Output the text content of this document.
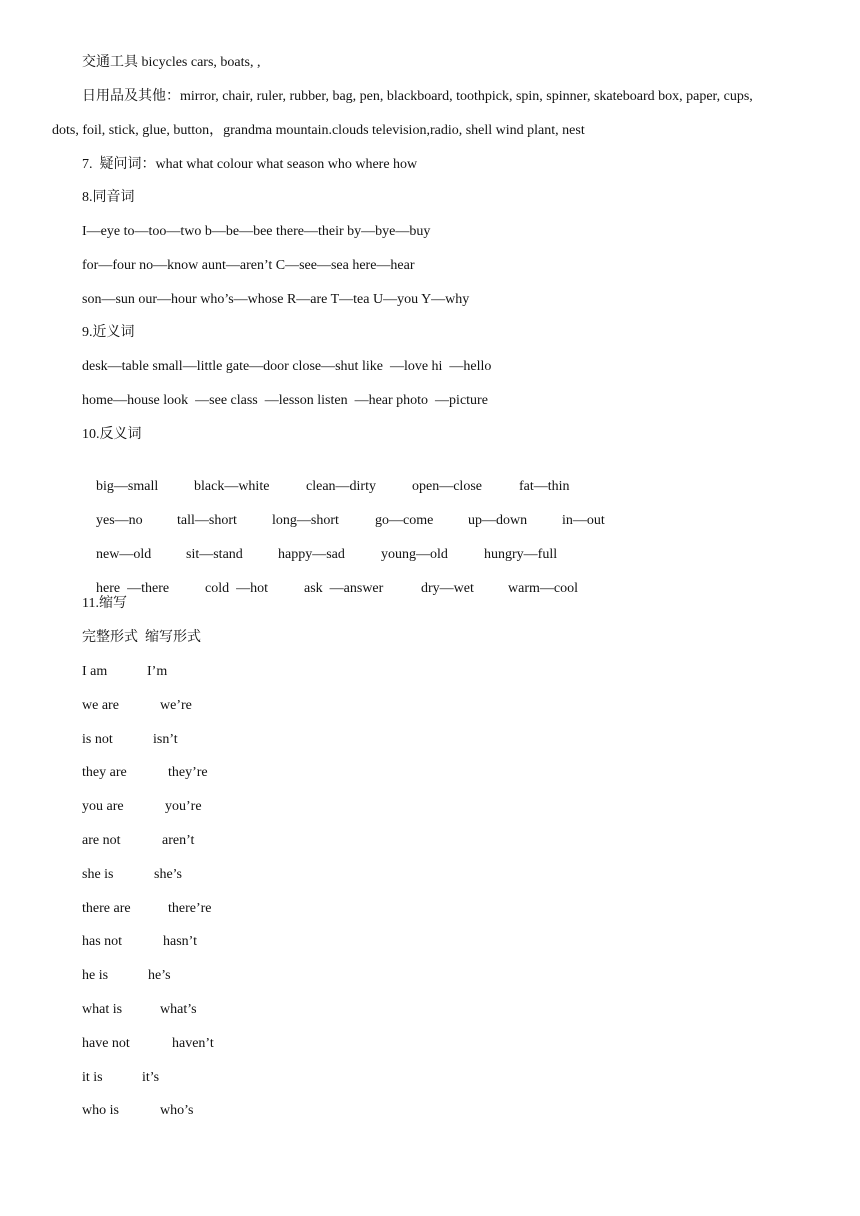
交通工具 bicycles cars, boats, ,
日用品及其他：mirror, chair, ruler, rubber, bag, pen, blackboard, toothpick, spin, spinner, skateboard box, paper, cups,
dots, foil, stick, glue, button，grandma mountain.clouds television,radio, shell wind plant, nest
7.  疑问词：what what colour what season who where how
8.同音词
I—eye to—too—two b—be—bee there—their by—bye—buy
for—four no—know aunt—aren’t C—see—sea here—hear
son—sun our—hour who’s—whose R—are T—tea U—you Y—why
9.近义词
desk—table small—little gate—door close—shut like  —love hi  —hello
home—house look  —see class  —lesson listen  —hear photo  —picture
10.反义词

big—small	black—white	clean—dirty	open—close	fat—thin

yes—no tall—short	long—short	go—come up—down in—out

new—old sit—stand	happy—sad	young—old	hungry—full

here  —there	cold  —hot	ask  —answer	dry—wet warm—cool

11.缩写
完整形式  缩写形式
I am	I’m
we are	we’re
is not	isn’t
they are	they’re
you are	you’re
are not	aren’t
she is	she’s
there are	there’re
has not	hasn’t
he is	he’s
what is	what’s
have not	haven’t
it is	it’s
who is	who’s
